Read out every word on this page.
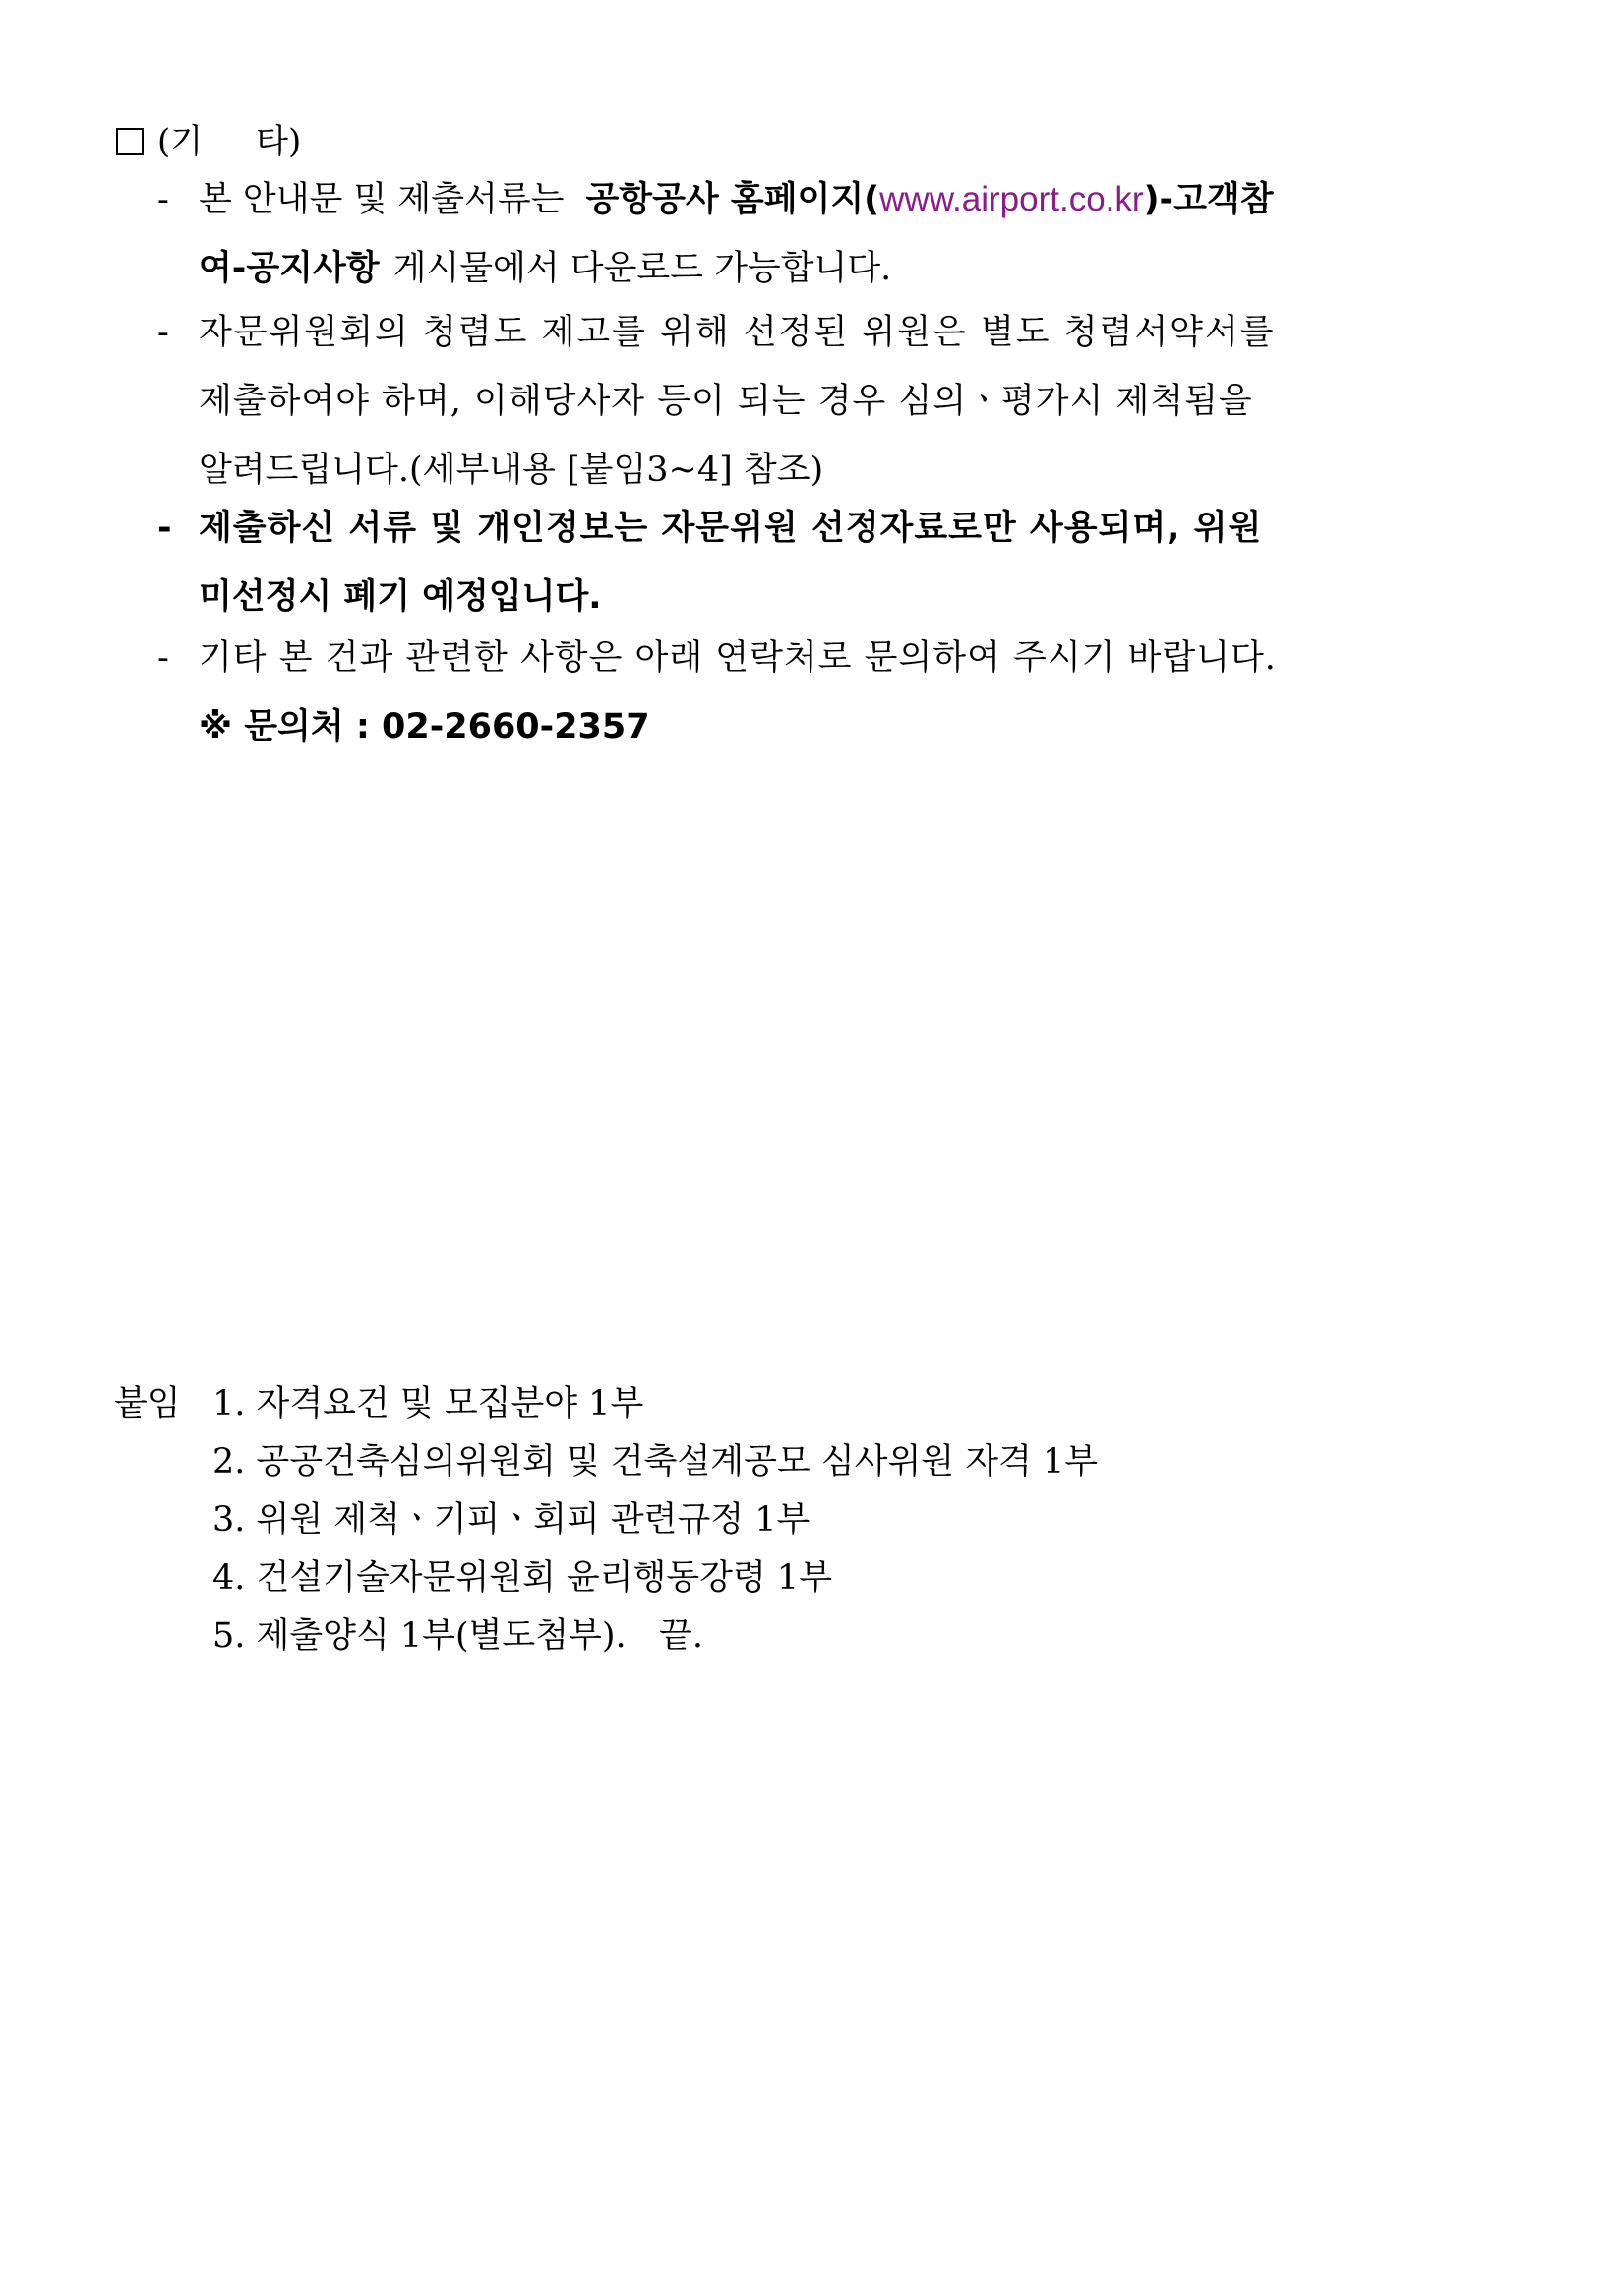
(기     타)
- 본 안내문 및 제출서류는 공항공사 홈페이지( www.airport.co.kr )-고객참
여-공지사항 게시물에서 다운로드 가능합니다.
- 자문위원회의 청렴도 제고를 위해 선정된 위원은 별도 청렴서약서를
제출하여야 하며, 이해당사자 등이 되는 경우 심의ㆍ평가시 제척됨을
알려드립니다.(세부내용 [붙임3~4] 참조)
- 제출하신 서류 및 개인정보는 자문위원 선정자료로만 사용되며, 위원
미선정시 폐기 예정입니다.
- 기타 본 건과 관련한 사항은 아래 연락처로 문의하여 주시기 바랍니다.
※ 문의처 : 02-2660-2357
붙임 1. 자격요건 및 모집분야 1부
2. 공공건축심의위원회 및 건축설계공모 심사위원 자격 1부
3. 위원 제척ㆍ기피ㆍ회피 관련규정 1부
4. 건설기술자문위원회 윤리행동강령 1부
5. 제출양식 1부(별도첨부).   끝.
